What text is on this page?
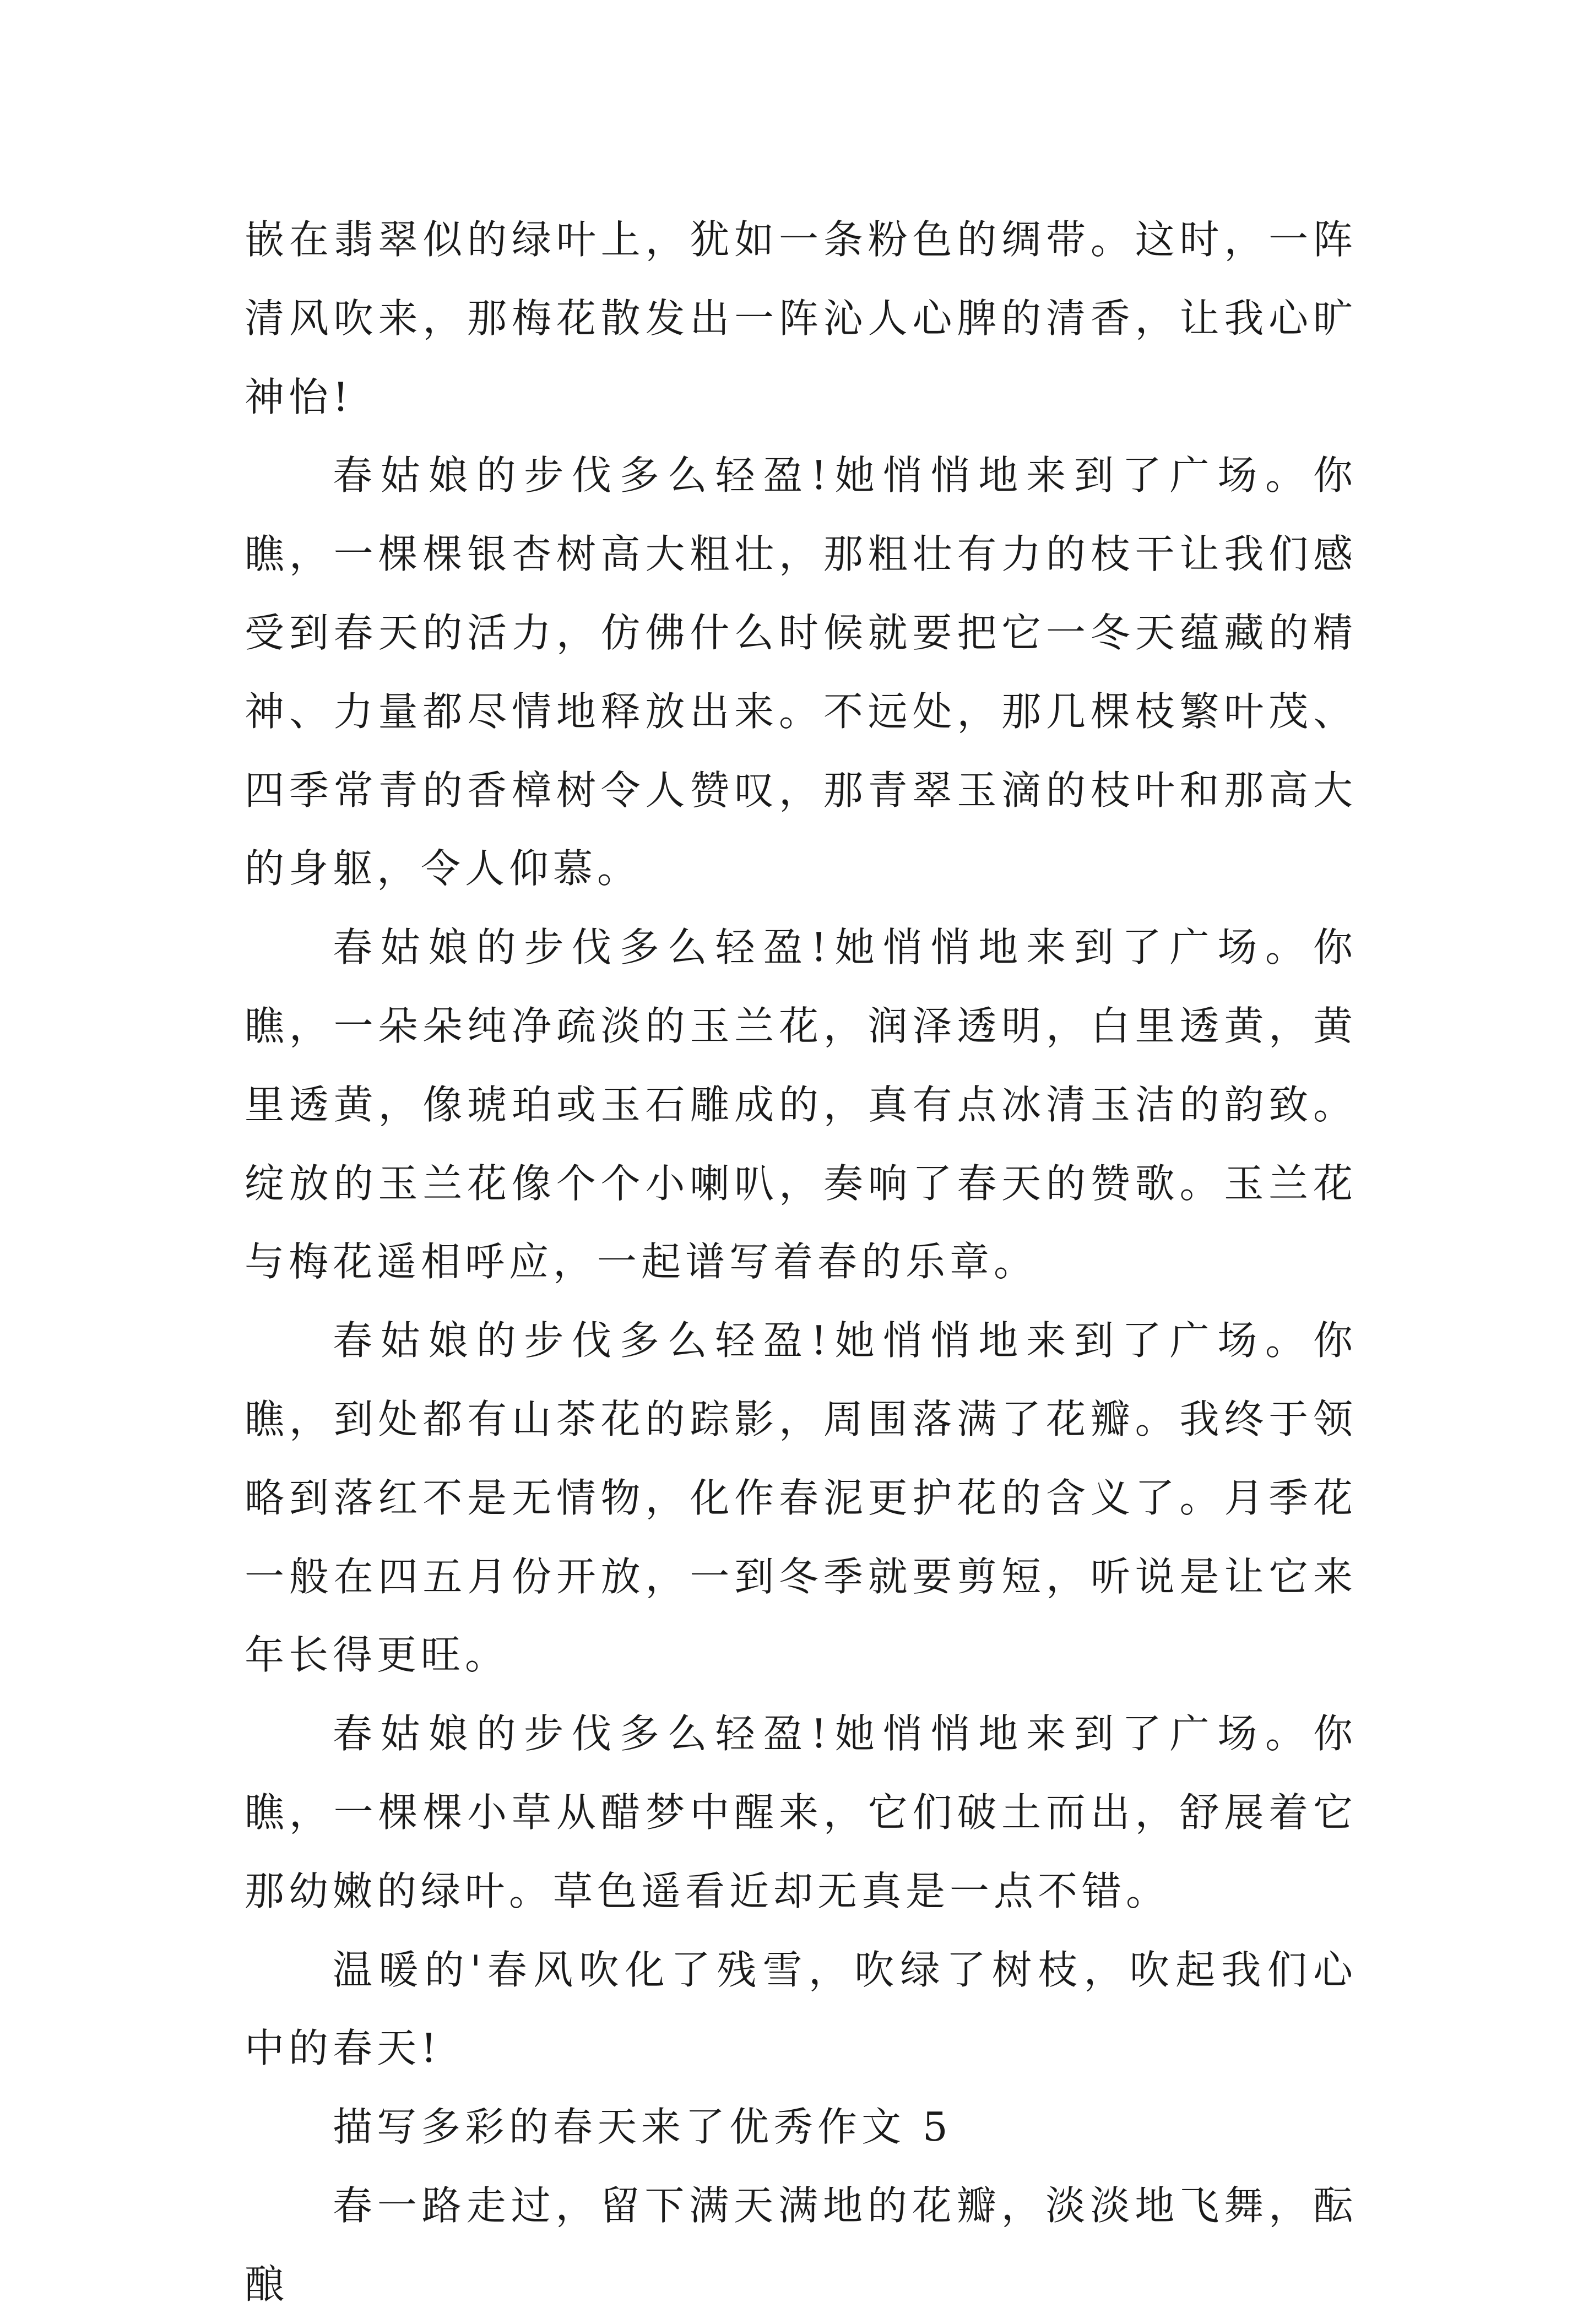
嵌在翡翠似的绿叶上，犹如一条粉色的绸带。这时，一阵清风吹来，那梅花散发出一阵沁人心脾的清香，让我心旷神怡!

春姑娘的步伐多么轻盈!她悄悄地来到了广场。你瞧，一棵棵银杏树高大粗壮，那粗壮有力的枝干让我们感受到春天的活力，仿佛什么时候就要把它一冬天蕴藏的精神、力量都尽情地释放出来。不远处，那几棵枝繁叶茂、四季常青的香樟树令人赞叹，那青翠玉滴的枝叶和那高大的身躯，令人仰慕。

春姑娘的步伐多么轻盈!她悄悄地来到了广场。你瞧，一朵朵纯净疏淡的玉兰花，润泽透明，白里透黄，黄里透黄，像琥珀或玉石雕成的，真有点冰清玉洁的韵致。绽放的玉兰花像个个小喇叭，奏响了春天的赞歌。玉兰花与梅花遥相呼应，一起谱写着春的乐章。

春姑娘的步伐多么轻盈!她悄悄地来到了广场。你瞧，到处都有山茶花的踪影，周围落满了花瓣。我终于领略到落红不是无情物，化作春泥更护花的含义了。月季花一般在四五月份开放，一到冬季就要剪短，听说是让它来年长得更旺。

春姑娘的步伐多么轻盈!她悄悄地来到了广场。你瞧，一棵棵小草从醋梦中醒来，它们破土而出，舒展着它那幼嫩的绿叶。草色遥看近却无真是一点不错。

温暖的'春风吹化了残雪，吹绿了树枝，吹起我们心中的春天!

描写多彩的春天来了优秀作文 5

春一路走过，留下满天满地的花瓣，淡淡地飞舞，酝酿
